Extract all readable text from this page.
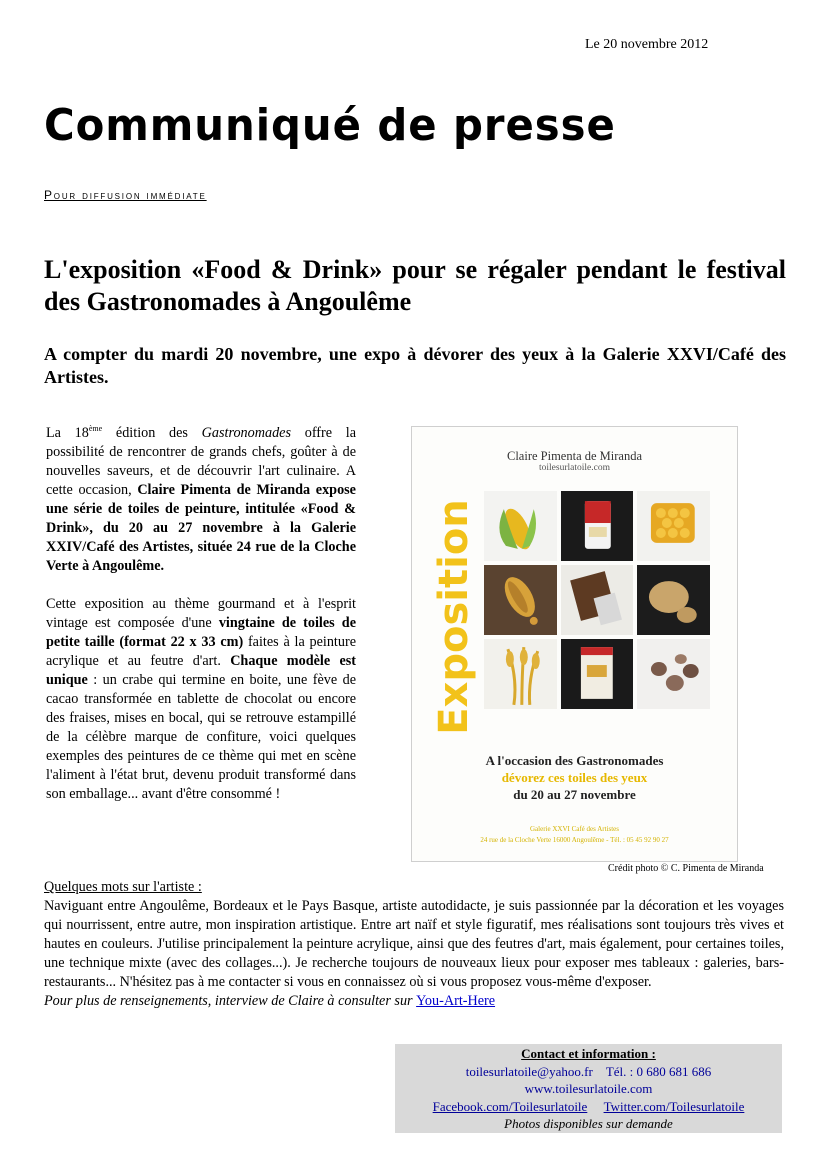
Le 20 novembre 2012
Communiqué de presse
Pour diffusion immédiate
L'exposition «Food & Drink» pour se régaler pendant le festival des Gastronomades à Angoulême
A compter du mardi 20 novembre, une expo à dévorer des yeux à la Galerie XXVI/Café des Artistes.

La 18ème édition des Gastronomades offre la possibilité de rencontrer de grands chefs, goûter à de nouvelles saveurs, et de découvrir l'art culinaire. A cette occasion, Claire Pimenta de Miranda expose une série de toiles de peinture, intitulée «Food & Drink», du 20 au 27 novembre à la Galerie XXIV/Café des Artistes, située 24 rue de la Cloche Verte à Angoulême.

Cette exposition au thème gourmand et à l'esprit vintage est composée d'une vingtaine de toiles de petite taille (format 22 x 33 cm) faites à la peinture acrylique et au feutre d'art. Chaque modèle est unique : un crabe qui termine en boite, une fève de cacao transformée en tablette de chocolat ou encore des fraises, mises en bocal, qui se retrouve estampillé de la célèbre marque de confiture, voici quelques exemples des peintures de ce thème qui met en scène l'aliment à l'état brut, devenu produit transformé dans son emballage... avant d'être consommé !

Claire Pimenta de Miranda
toilesurlatoile.com
Exposition
A l'occasion des Gastronomades
dévorez ces toiles des yeux
du 20 au 27 novembre
Galerie XXVI Café des Artistes
24 rue de la Cloche Verte 16000 Angoulême - Tél. : 05 45 92 90 27
Crédit photo © C. Pimenta de Miranda
Quelques mots sur l'artiste :
Naviguant entre Angoulême, Bordeaux et le Pays Basque, artiste autodidacte, je suis passionnée par la décoration et les voyages qui nourrissent, entre autre, mon inspiration artistique. Entre art naïf et style figuratif, mes réalisations sont toujours très vives et hautes en couleurs. J'utilise principalement la peinture acrylique, ainsi que des feutres d'art, mais également, pour certaines toiles, une technique mixte (avec des collages...). Je recherche toujours de nouveaux lieux pour exposer mes tableaux : galeries, bars-restaurants... N'hésitez pas à me contacter si vous en connaissez où si vous proposez vous-même d'exposer.
Pour plus de renseignements, interview de Claire à consulter sur You-Art-Here
Contact et information :
toilesurlatoile@yahoo.fr Tél. : 0 680 681 686
www.toilesurlatoile.com
Facebook.com/Toilesurlatoile Twitter.com/Toilesurlatoile
Photos disponibles sur demande
